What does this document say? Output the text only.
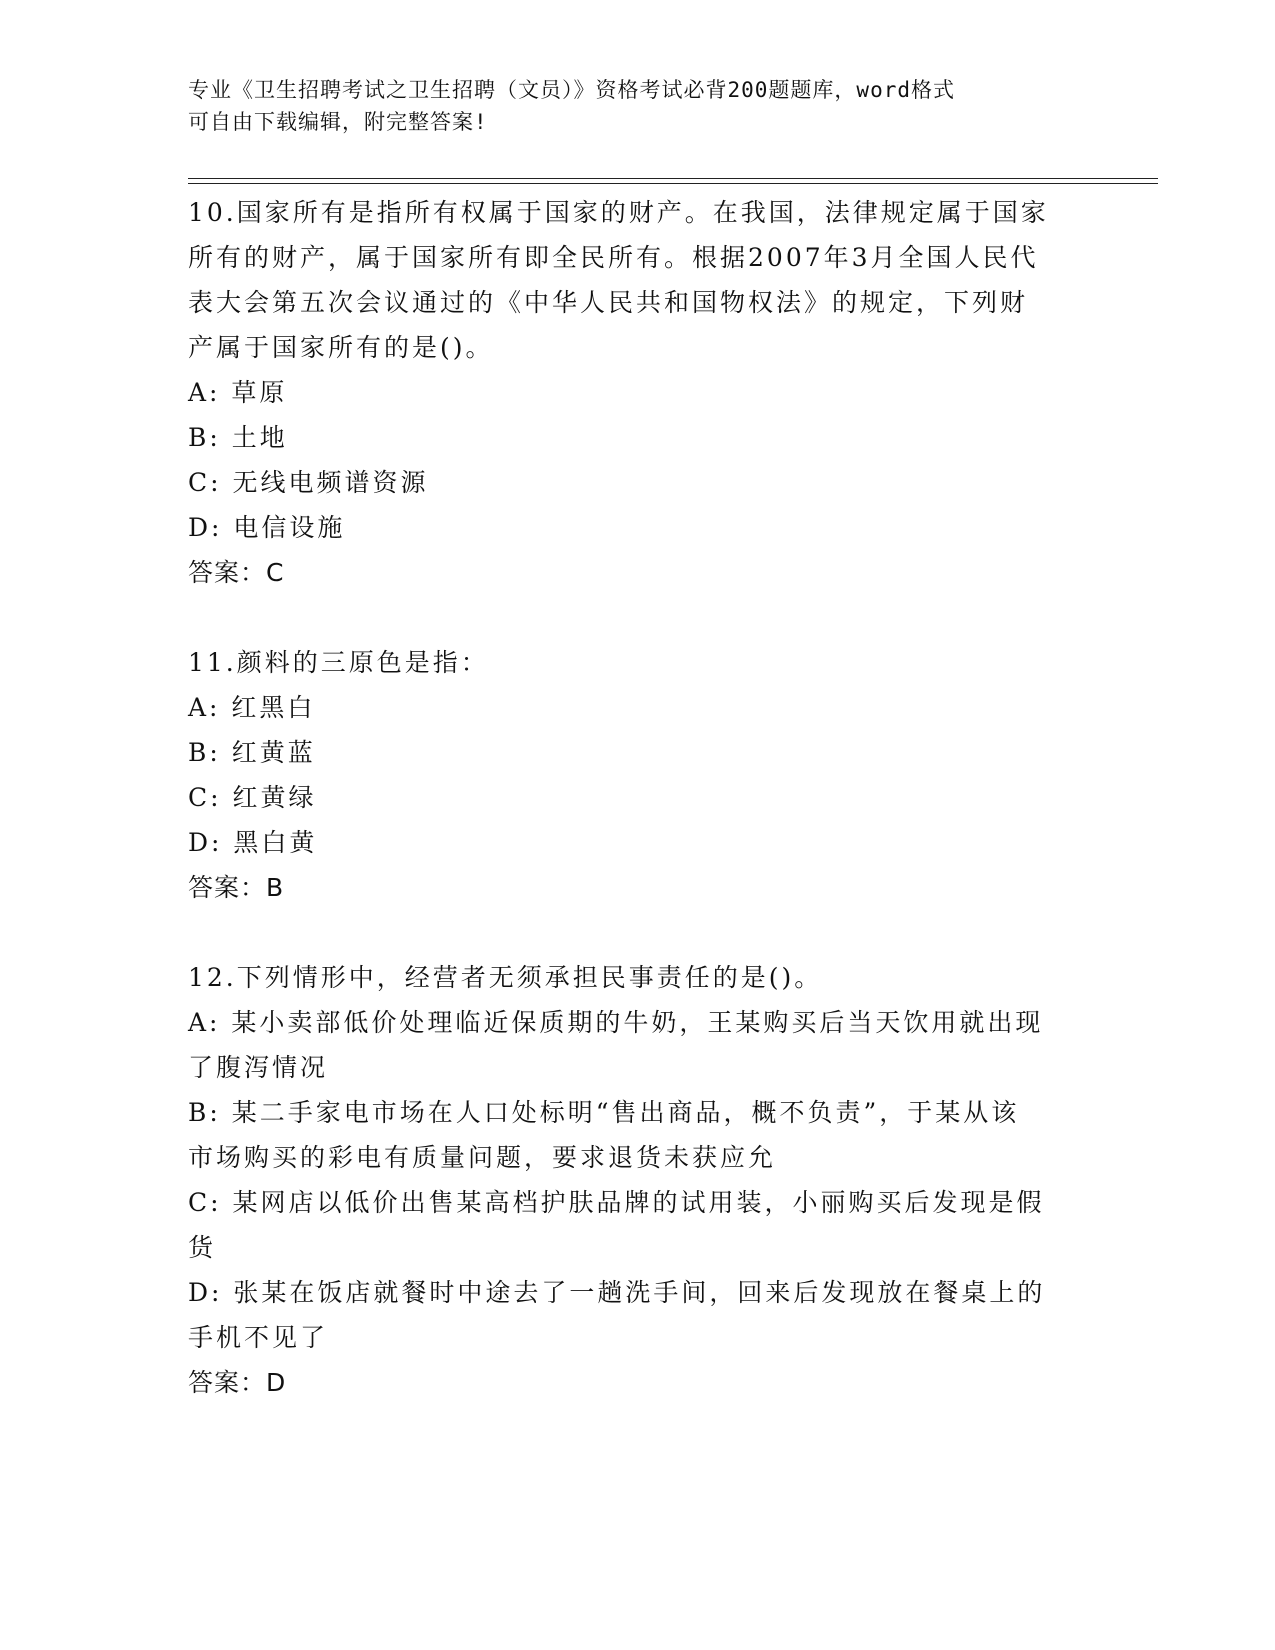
专业《卫生招聘考试之卫生招聘（文员）》资格考试必背200题题库，word格式
可自由下载编辑，附完整答案!
10.国家所有是指所有权属于国家的财产。在我国，法律规定属于国家
所有的财产，属于国家所有即全民所有。根据2007年3月全国人民代
表大会第五次会议通过的《中华人民共和国物权法》的规定，下列财
产属于国家所有的是()。
A: 草原
B: 土地
C: 无线电频谱资源
D: 电信设施
答案：C
11.颜料的三原色是指：
A: 红黑白
B: 红黄蓝
C: 红黄绿
D: 黑白黄
答案：B
12.下列情形中，经营者无须承担民事责任的是()。
A: 某小卖部低价处理临近保质期的牛奶，王某购买后当天饮用就出现
了腹泻情况
B: 某二手家电市场在人口处标明“售出商品，概不负责”，于某从该
市场购买的彩电有质量问题，要求退货未获应允
C: 某网店以低价出售某高档护肤品牌的试用装，小丽购买后发现是假
货
D: 张某在饭店就餐时中途去了一趟洗手间，回来后发现放在餐桌上的
手机不见了
答案：D
